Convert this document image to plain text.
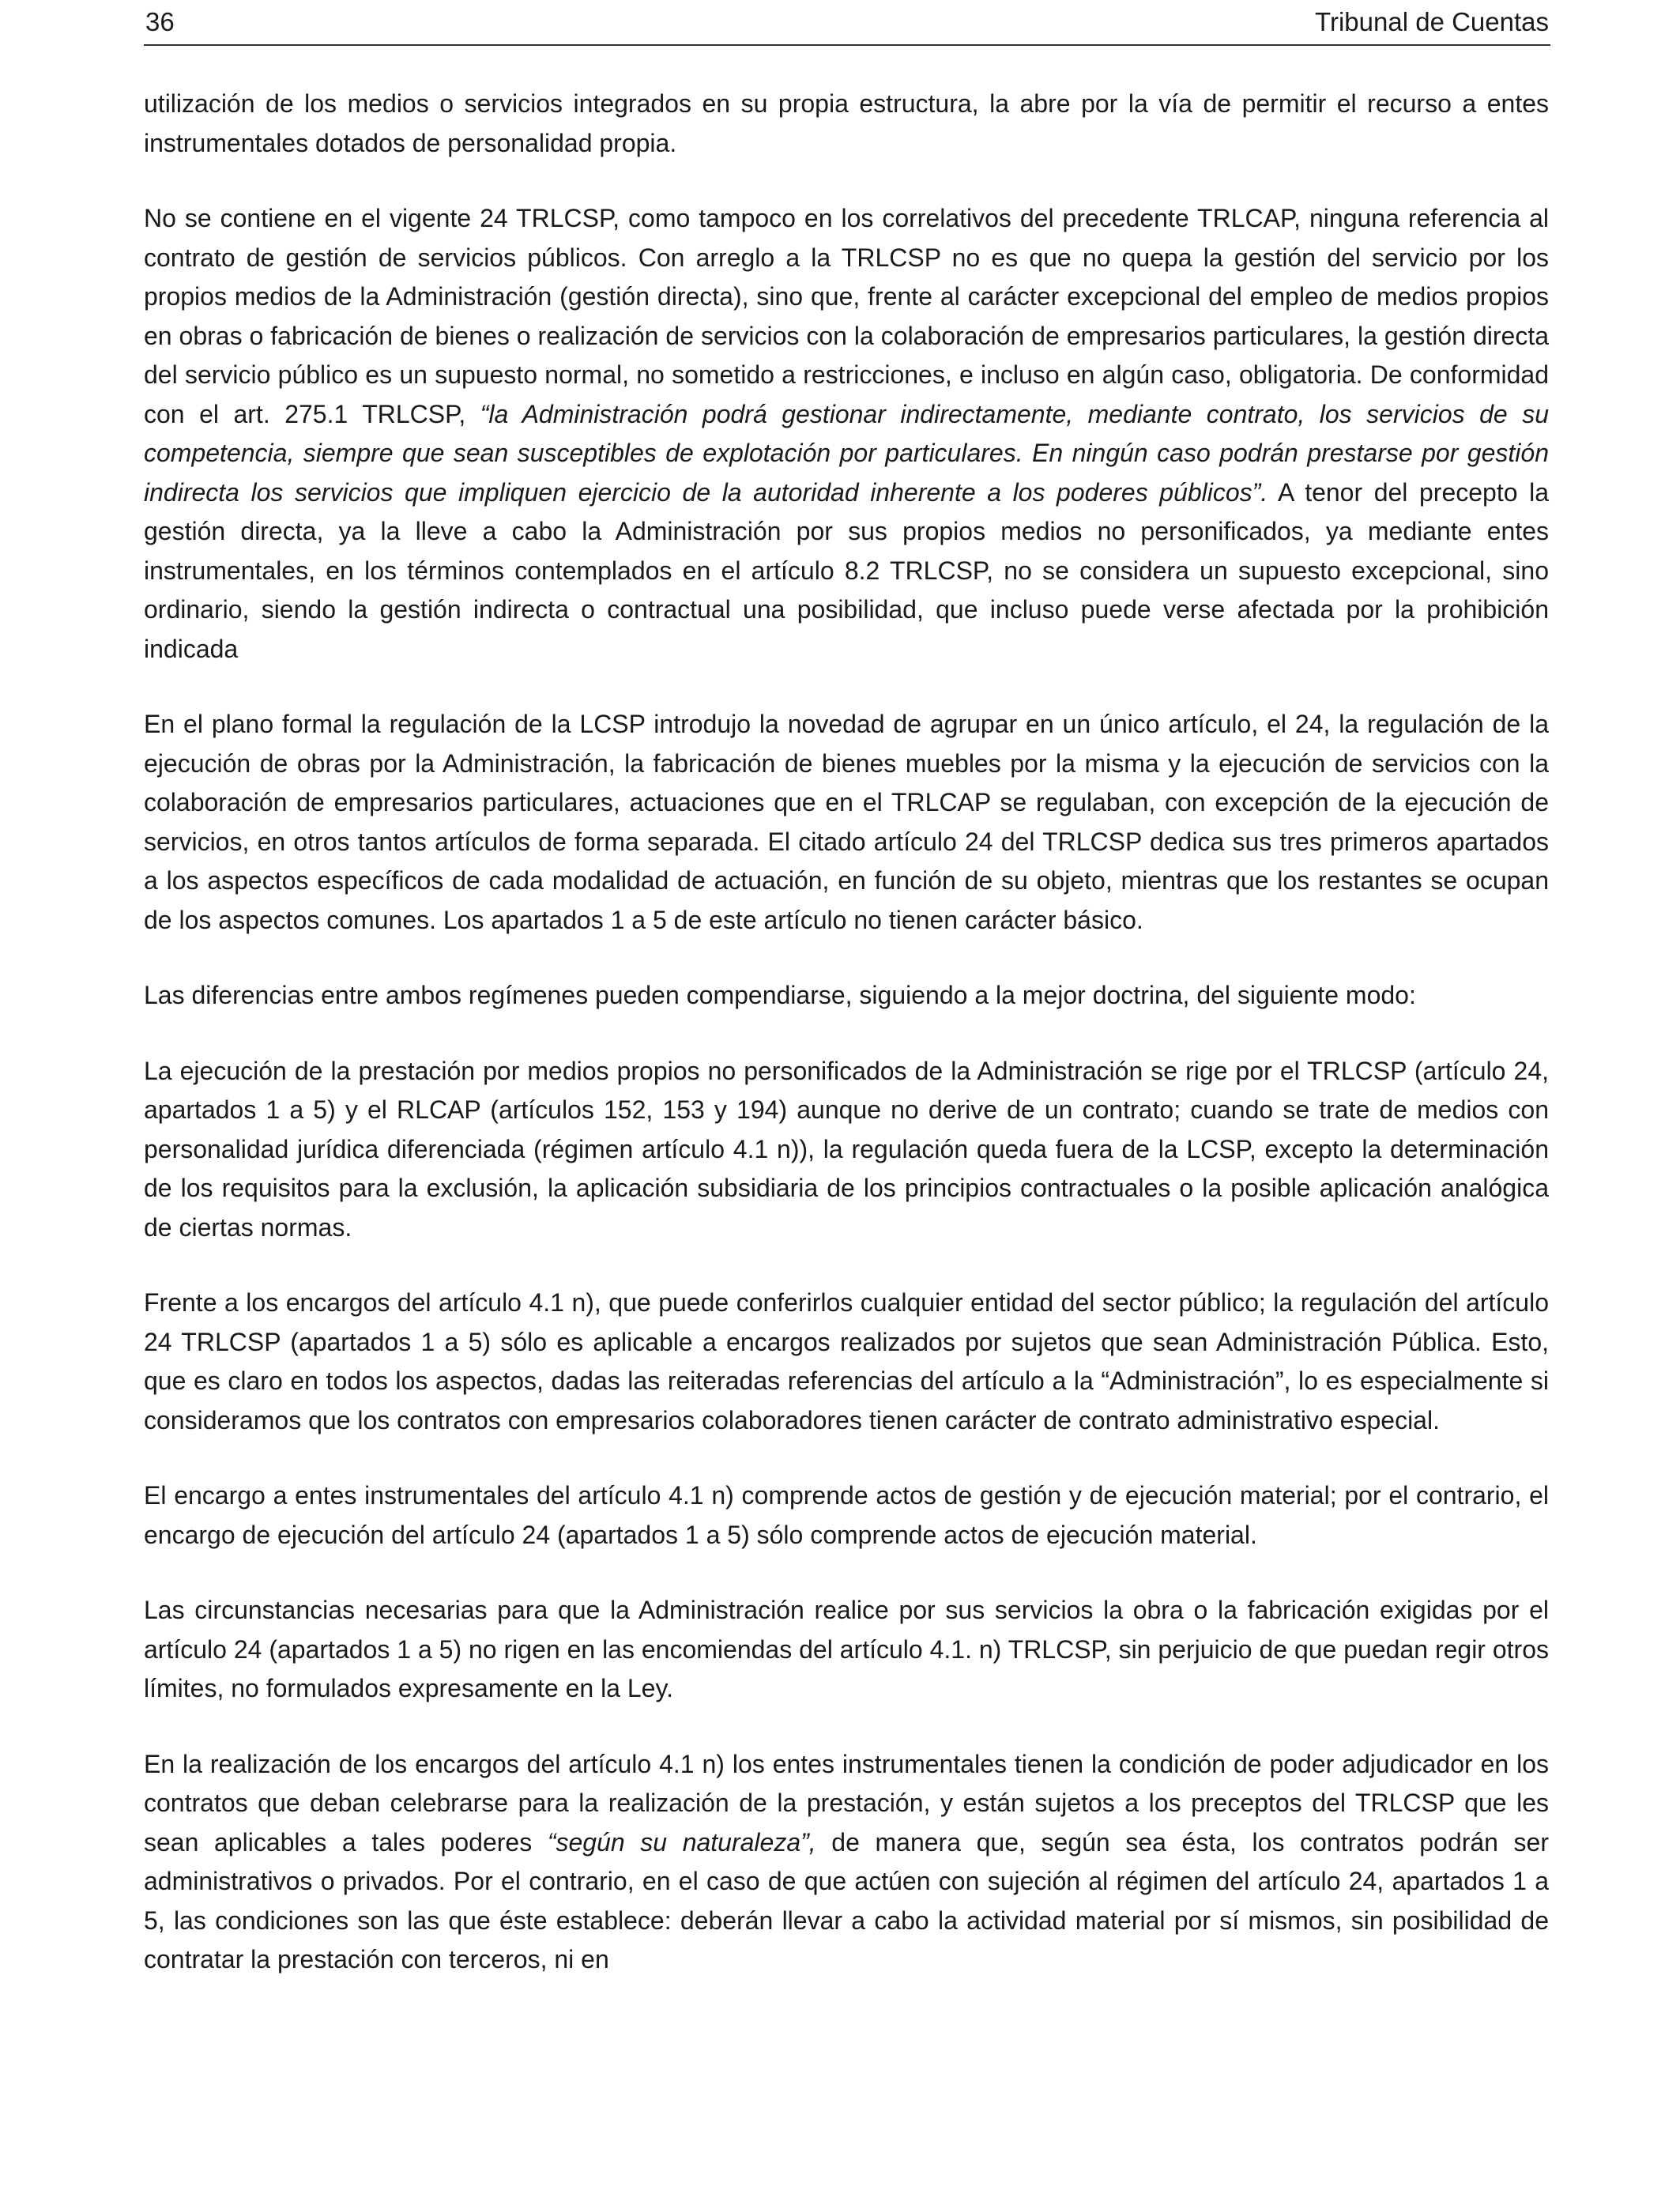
36	Tribunal de Cuentas

utilización de los medios o servicios integrados en su propia estructura, la abre por la vía de permitir el recurso a entes instrumentales dotados de personalidad propia.

No se contiene en el vigente 24 TRLCSP, como tampoco en los correlativos del precedente TRLCAP, ninguna referencia al contrato de gestión de servicios públicos. Con arreglo a la TRLCSP no es que no quepa la gestión del servicio por los propios medios de la Administración (gestión directa), sino que, frente al carácter excepcional del empleo de medios propios en obras o fabricación de bienes o realización de servicios con la colaboración de empresarios particulares, la gestión directa del servicio público es un supuesto normal, no sometido a restricciones, e incluso en algún caso, obligatoria. De conformidad con el art. 275.1 TRLCSP, “la Administración podrá gestionar indirectamente, mediante contrato, los servicios de su competencia, siempre que sean susceptibles de explotación por particulares. En ningún caso podrán prestarse por gestión indirecta los servicios que impliquen ejercicio de la autoridad inherente a los poderes públicos”. A tenor del precepto la gestión directa, ya la lleve a cabo la Administración por sus propios medios no personificados, ya mediante entes instrumentales, en los términos contemplados en el artículo 8.2 TRLCSP, no se considera un supuesto excepcional, sino ordinario, siendo la gestión indirecta o contractual una posibilidad, que incluso puede verse afectada por la prohibición indicada

En el plano formal la regulación de la LCSP introdujo la novedad de agrupar en un único artículo, el 24, la regulación de la ejecución de obras por la Administración, la fabricación de bienes muebles por la misma y la ejecución de servicios con la colaboración de empresarios particulares, actuaciones que en el TRLCAP se regulaban, con excepción de la ejecución de servicios, en otros tantos artículos de forma separada. El citado artículo 24 del TRLCSP dedica sus tres primeros apartados a los aspectos específicos de cada modalidad de actuación, en función de su objeto, mientras que los restantes se ocupan de los aspectos comunes. Los apartados 1 a 5 de este artículo no tienen carácter básico.

Las diferencias entre ambos regímenes pueden compendiarse, siguiendo a la mejor doctrina, del siguiente modo:

La ejecución de la prestación por medios propios no personificados de la Administración se rige por el TRLCSP (artículo 24, apartados 1 a 5) y el RLCAP (artículos 152, 153 y 194) aunque no derive de un contrato; cuando se trate de medios con personalidad jurídica diferenciada (régimen artículo 4.1 n)), la regulación queda fuera de la LCSP, excepto la determinación de los requisitos para la exclusión, la aplicación subsidiaria de los principios contractuales o la posible aplicación analógica de ciertas normas.

Frente a los encargos del artículo 4.1 n), que puede conferirlos cualquier entidad del sector público; la regulación del artículo 24 TRLCSP (apartados 1 a 5) sólo es aplicable a encargos realizados por sujetos que sean Administración Pública. Esto, que es claro en todos los aspectos, dadas las reiteradas referencias del artículo a la “Administración”, lo es especialmente si consideramos que los contratos con empresarios colaboradores tienen carácter de contrato administrativo especial.

El encargo a entes instrumentales del artículo 4.1 n) comprende actos de gestión y de ejecución material; por el contrario, el encargo de ejecución del artículo 24 (apartados 1 a 5) sólo comprende actos de ejecución material.

Las circunstancias necesarias para que la Administración realice por sus servicios la obra o la fabricación exigidas por el artículo 24 (apartados 1 a 5) no rigen en las encomiendas del artículo 4.1. n) TRLCSP, sin perjuicio de que puedan regir otros límites, no formulados expresamente en la Ley.

En la realización de los encargos del artículo 4.1 n) los entes instrumentales tienen la condición de poder adjudicador en los contratos que deban celebrarse para la realización de la prestación, y están sujetos a los preceptos del TRLCSP que les sean aplicables a tales poderes “según su naturaleza”, de manera que, según sea ésta, los contratos podrán ser administrativos o privados. Por el contrario, en el caso de que actúen con sujeción al régimen del artículo 24, apartados 1 a 5, las condiciones son las que éste establece: deberán llevar a cabo la actividad material por sí mismos, sin posibilidad de contratar la prestación con terceros, ni en
